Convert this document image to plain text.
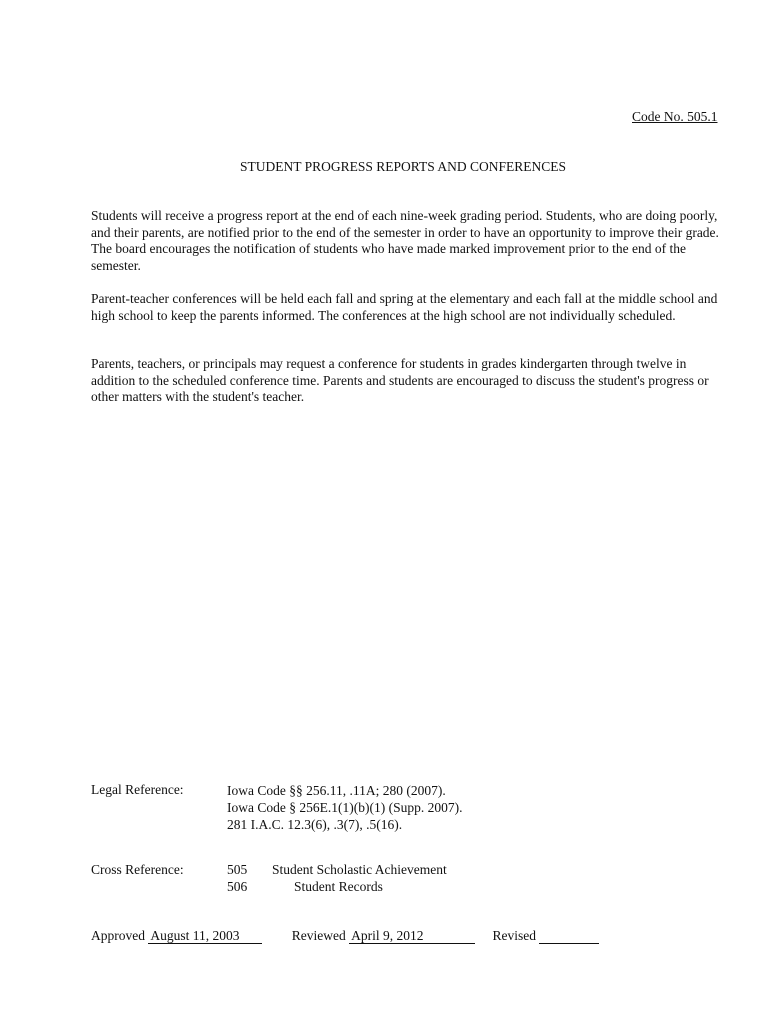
Code No. 505.1
STUDENT PROGRESS REPORTS AND CONFERENCES
Students will receive a progress report at the end of each nine-week grading period. Students, who are doing poorly, and their parents, are notified prior to the end of the semester in order to have an opportunity to improve their grade. The board encourages the notification of students who have made marked improvement prior to the end of the semester.
Parent-teacher conferences will be held each fall and spring at the elementary and each fall at the middle school and high school to keep the parents informed. The conferences at the high school are not individually scheduled.
Parents, teachers, or principals may request a conference for students in grades kindergarten through twelve in addition to the scheduled conference time. Parents and students are encouraged to discuss the student's progress or other matters with the student's teacher.
Legal Reference:	Iowa Code §§ 256.11, .11A; 280 (2007).
Iowa Code § 256E.1(1)(b)(1) (Supp. 2007).
281 I.A.C. 12.3(6), .3(7), .5(16).
Cross Reference:	505 Student Scholastic Achievement
506	Student Records
Approved August 11, 2003	Reviewed April 9, 2012	Revised
